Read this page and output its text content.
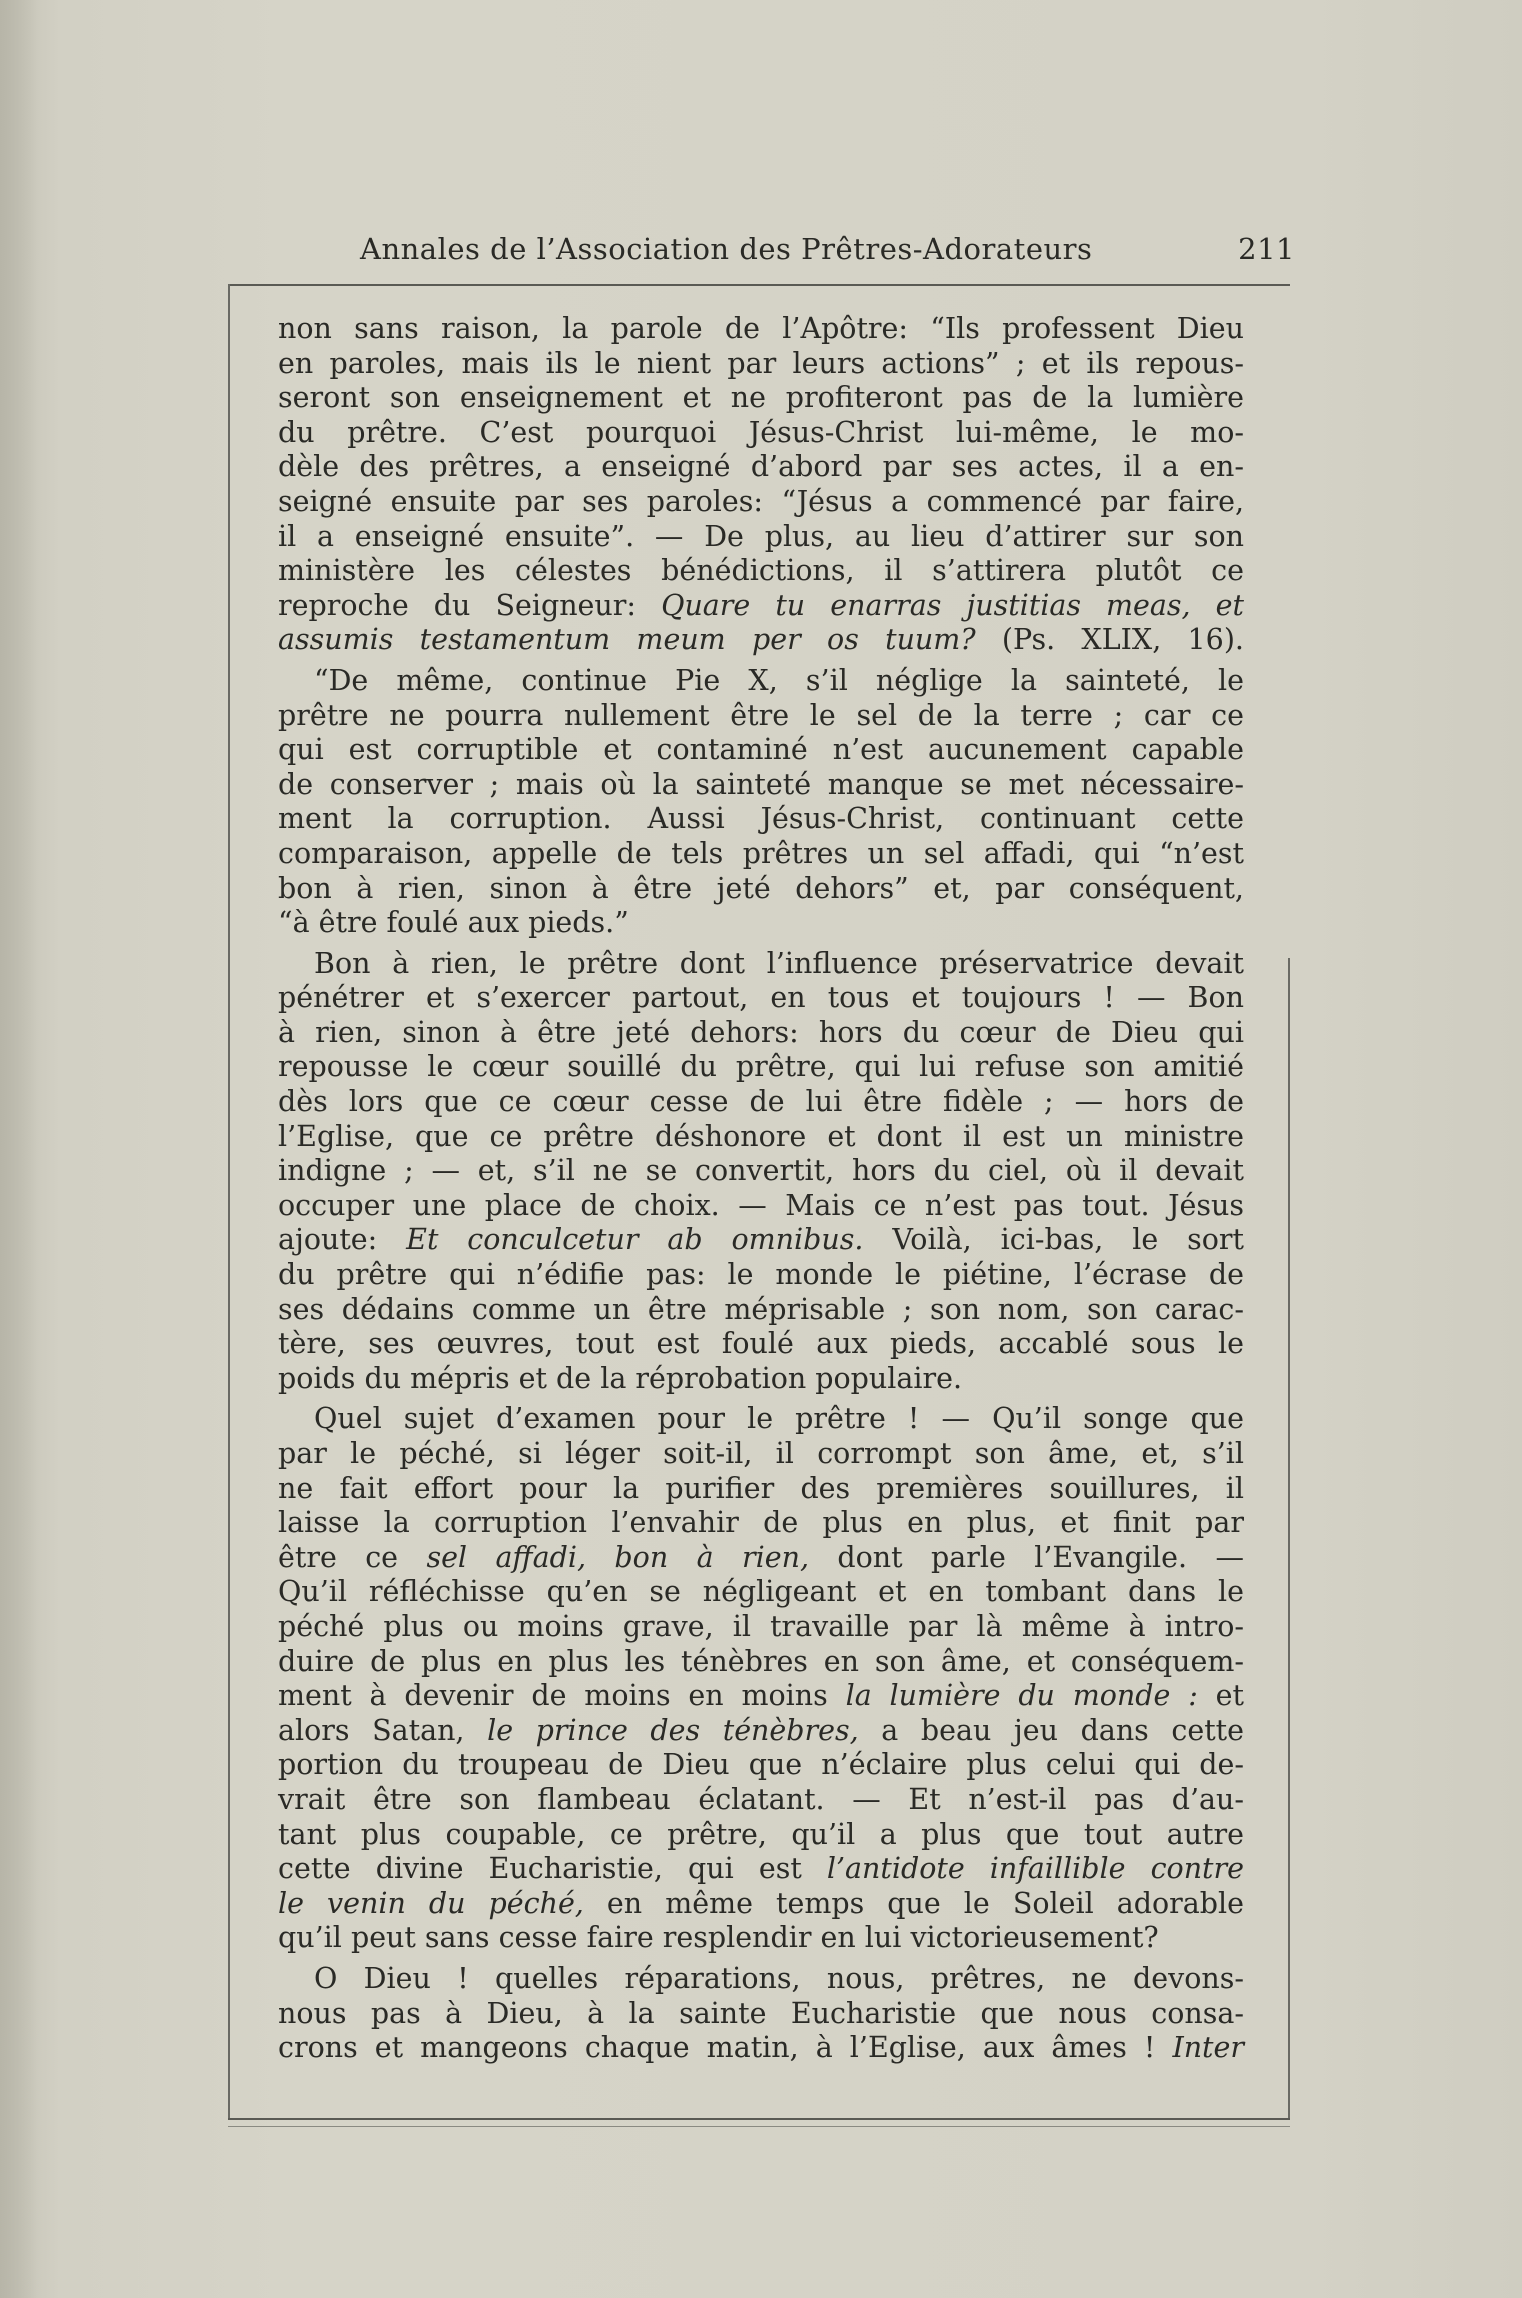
Annales de l’Association des Prêtres-Adorateurs	211
non sans raison, la parole de l’Apôtre: “Ils professent Dieu
en paroles, mais ils le nient par leurs actions” ; et ils repous-
seront son enseignement et ne profiteront pas de la lumière
du prêtre. C’est pourquoi Jésus-Christ lui-même, le mo-
dèle des prêtres, a enseigné d’abord par ses actes, il a en-
seigné ensuite par ses paroles: “Jésus a commencé par faire,
il a enseigné ensuite”. — De plus, au lieu d’attirer sur son
ministère les célestes bénédictions, il s’attirera plutôt ce
reproche du Seigneur: Quare tu enarras justitias meas, et
assumis testamentum meum per os tuum? (Ps. XLIX, 16).
“De même, continue Pie X, s’il néglige la sainteté, le
prêtre ne pourra nullement être le sel de la terre ; car ce
qui est corruptible et contaminé n’est aucunement capable
de conserver ; mais où la sainteté manque se met nécessaire-
ment la corruption. Aussi Jésus-Christ, continuant cette
comparaison, appelle de tels prêtres un sel affadi, qui “n’est
bon à rien, sinon à être jeté dehors” et, par conséquent,
“à être foulé aux pieds.”
Bon à rien, le prêtre dont l’influence préservatrice devait
pénétrer et s’exercer partout, en tous et toujours ! — Bon
à rien, sinon à être jeté dehors: hors du cœur de Dieu qui
repousse le cœur souillé du prêtre, qui lui refuse son amitié
dès lors que ce cœur cesse de lui être fidèle ; — hors de
l’Eglise, que ce prêtre déshonore et dont il est un ministre
indigne ; — et, s’il ne se convertit, hors du ciel, où il devait
occuper une place de choix. — Mais ce n’est pas tout. Jésus
ajoute: Et conculcetur ab omnibus. Voilà, ici-bas, le sort
du prêtre qui n’édifie pas: le monde le piétine, l’écrase de
ses dédains comme un être méprisable ; son nom, son carac-
tère, ses œuvres, tout est foulé aux pieds, accablé sous le
poids du mépris et de la réprobation populaire.
Quel sujet d’examen pour le prêtre ! — Qu’il songe que
par le péché, si léger soit-il, il corrompt son âme, et, s’il
ne fait effort pour la purifier des premières souillures, il
laisse la corruption l’envahir de plus en plus, et finit par
être ce sel affadi, bon à rien, dont parle l’Evangile. —
Qu’il réfléchisse qu’en se négligeant et en tombant dans le
péché plus ou moins grave, il travaille par là même à intro-
duire de plus en plus les ténèbres en son âme, et conséquem-
ment à devenir de moins en moins la lumière du monde : et
alors Satan, le prince des ténèbres, a beau jeu dans cette
portion du troupeau de Dieu que n’éclaire plus celui qui de-
vrait être son flambeau éclatant. — Et n’est-il pas d’au-
tant plus coupable, ce prêtre, qu’il a plus que tout autre
cette divine Eucharistie, qui est l’antidote infaillible contre
le venin du péché, en même temps que le Soleil adorable
qu’il peut sans cesse faire resplendir en lui victorieusement?
O Dieu ! quelles réparations, nous, prêtres, ne devons-
nous pas à Dieu, à la sainte Eucharistie que nous consa-
crons et mangeons chaque matin, à l’Eglise, aux âmes ! Inter
